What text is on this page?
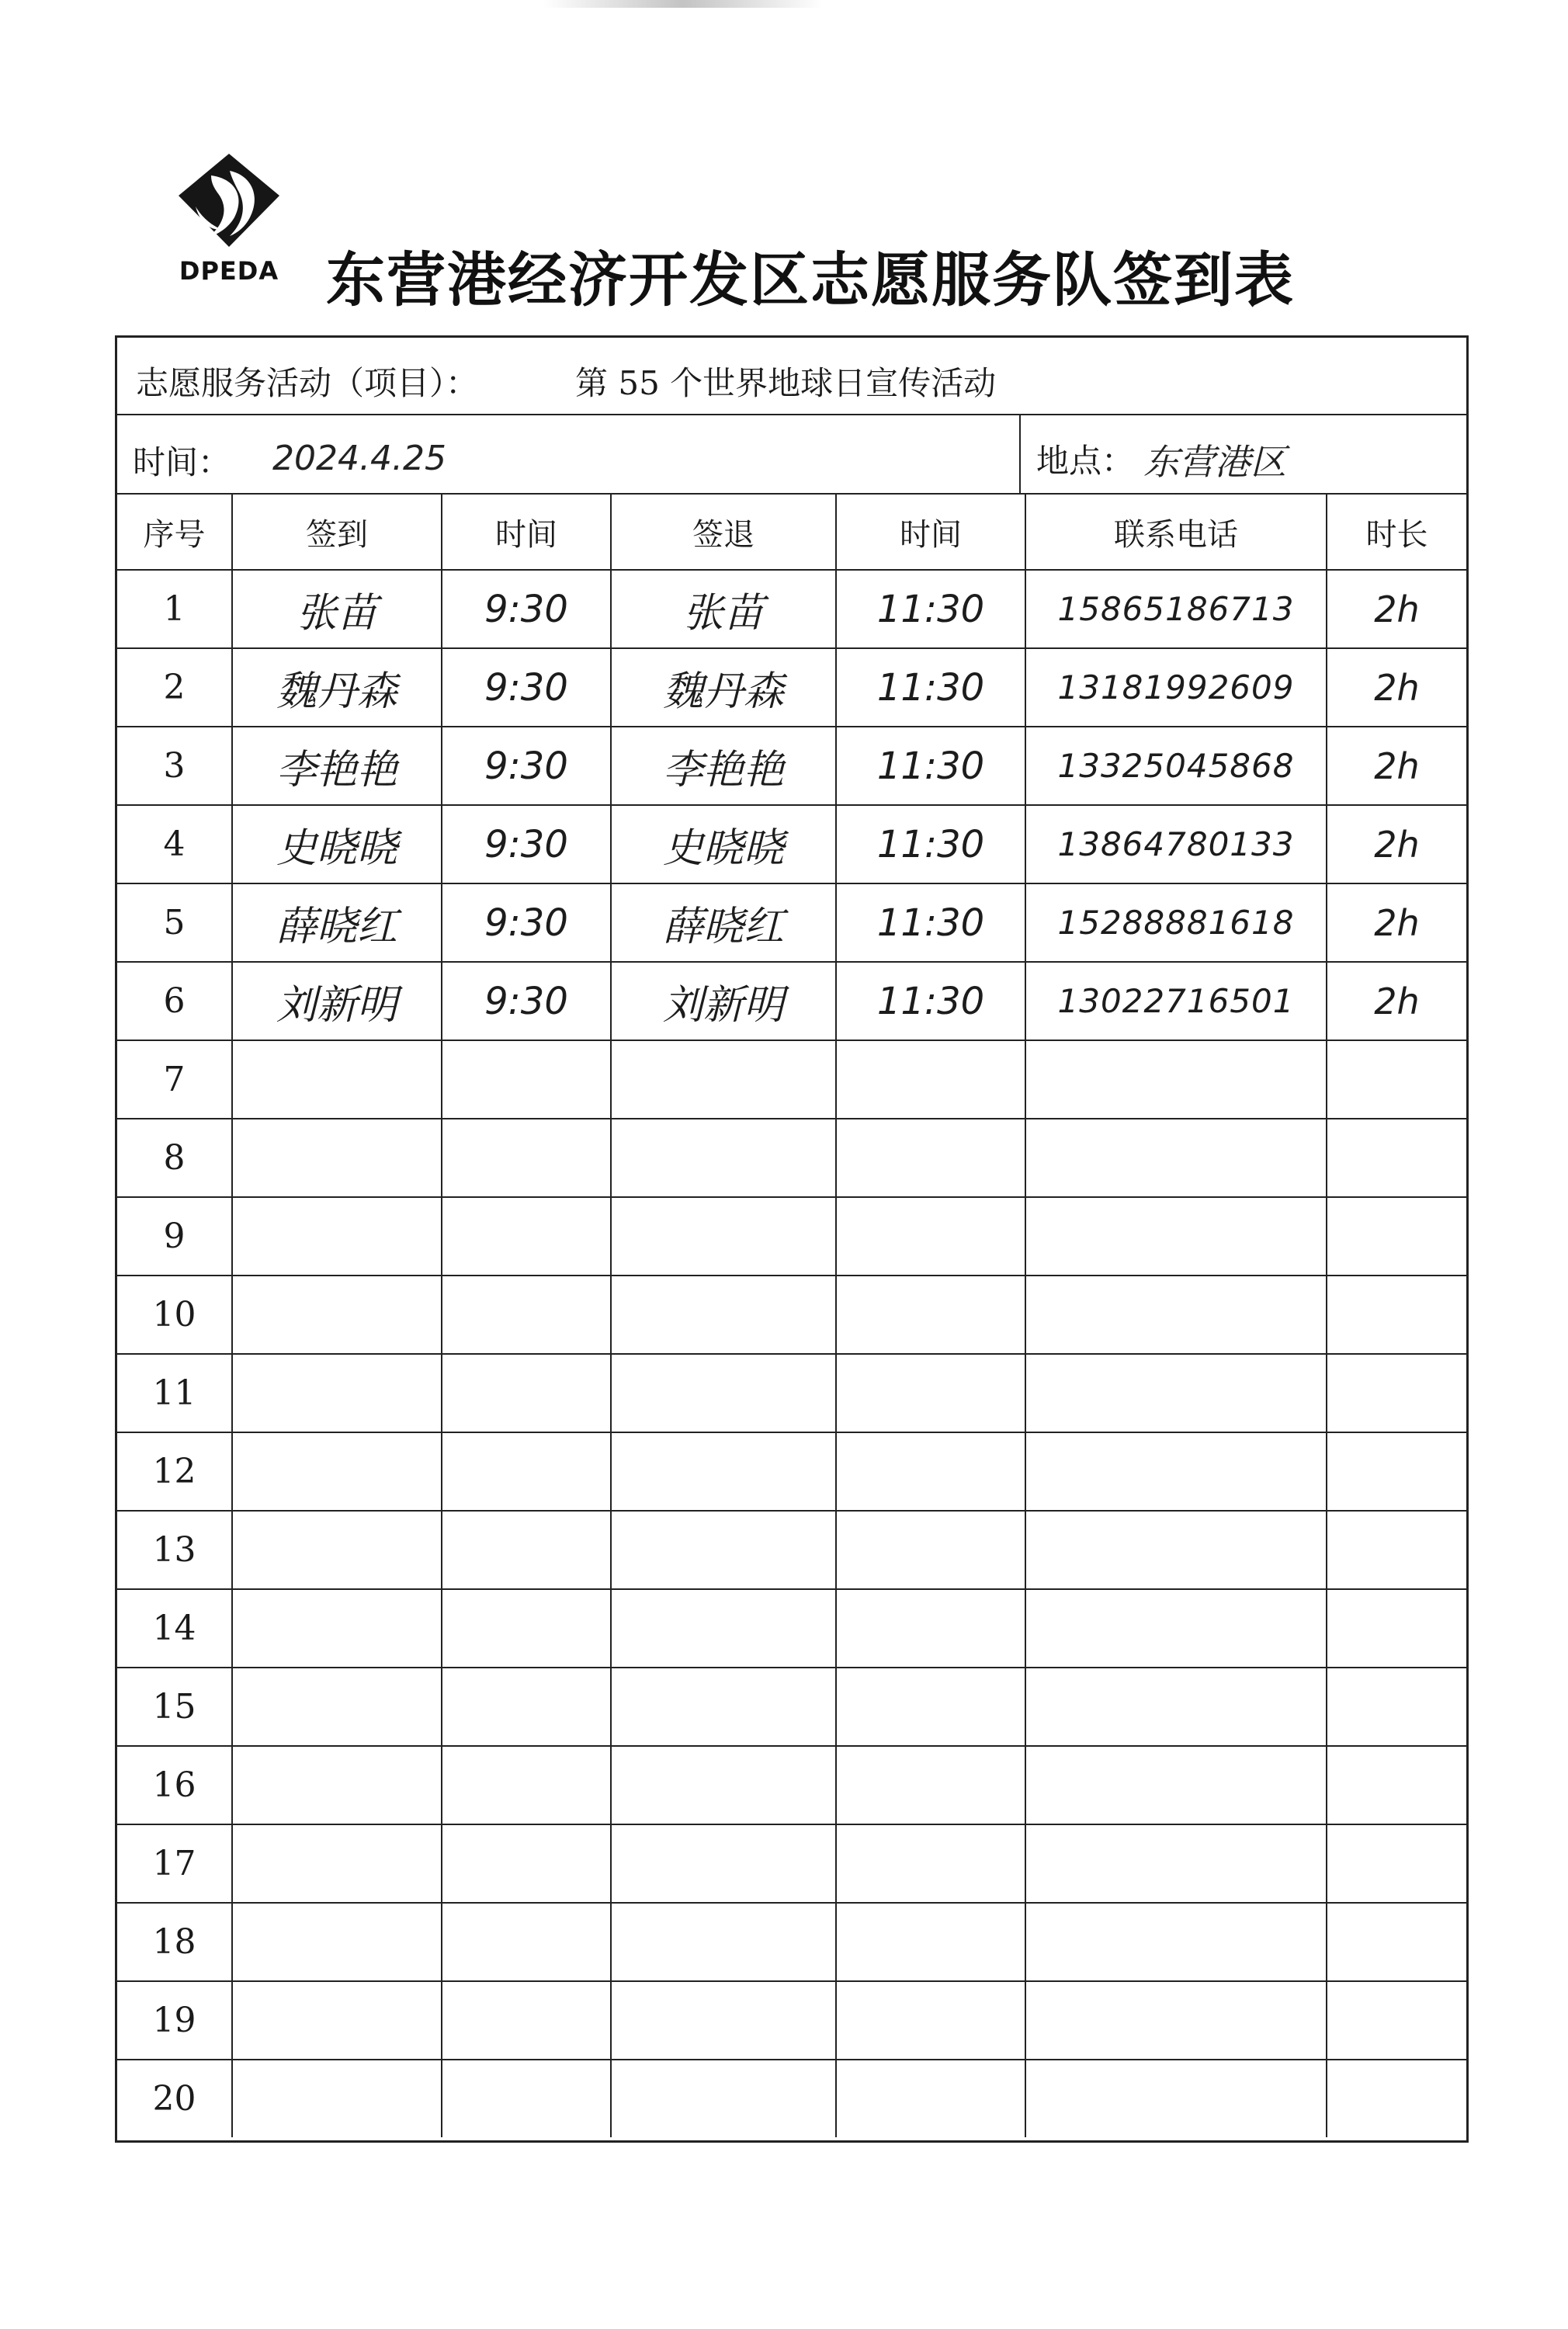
DPEDA 东营港经济开发区志愿服务队签到表
志愿服务活动（项目）：	第 55 个世界地球日宣传活动
时间： 2024.4.25	地点： 东营港区
序号	签到	时间	签退	时间	联系电话	时长
1	张苗	9:30	张苗	11:30	15865186713	2h
2	魏丹森	9:30	魏丹森	11:30	13181992609	2h
3	李艳艳	9:30	李艳艳	11:30	13325045868	2h
4	史晓晓	9:30	史晓晓	11:30	13864780133	2h
5	薛晓红	9:30	薛晓红	11:30	15288881618	2h
6	刘新明	9:30	刘新明	11:30	13022716501	2h
7						
8						
9						
10						
11						
12						
13						
14						
15						
16						
17						
18						
19						
20						
